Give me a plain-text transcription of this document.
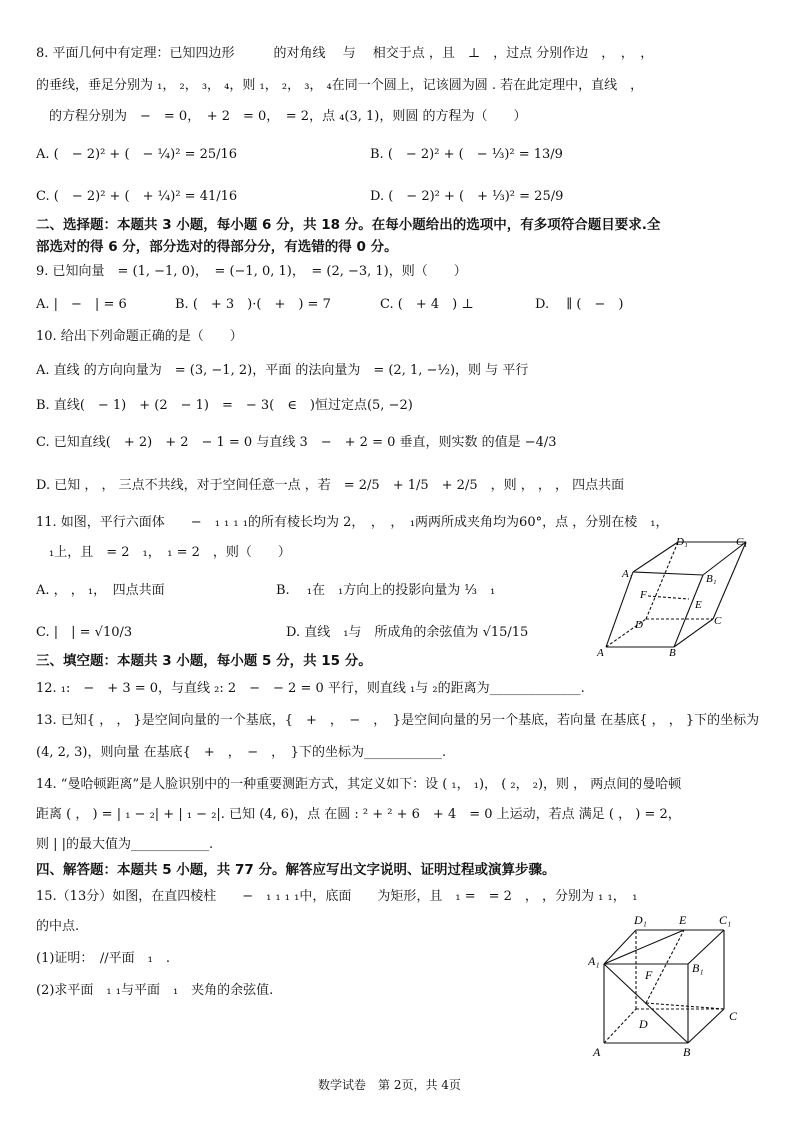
8. 平面几何中有定理：已知四边形　　　的对角线　 与　 相交于点 ，且　⊥　，过点 分别作边　，　，　，
的垂线，垂足分别为 ₁， ₂， ₃， ₄，则 ₁， ₂， ₃， ₄在同一个圆上，记该圆为圆 . 若在此定理中，直线　，
　的方程分别为　−　= 0，　+ 2　= 0，　= 2，点 ₄(3, 1)，则圆 的方程为（　　）
A. (　− 2)² + (　− ¼)² = 25/16	B. (　− 2)² + (　− ⅓)² = 13/9
C. (　− 2)² + (　+ ¼)² = 41/16	D. (　− 2)² + (　+ ⅓)² = 25/9
二、选择题：本题共 3 小题，每小题 6 分，共 18 分。在每小题给出的选项中，有多项符合题目要求.全
部选对的得 6 分，部分选对的得部分分，有选错的得 0 分。
9. 已知向量　= (1, −1, 0)，　= (−1, 0, 1)，　= (2, −3, 1)，则（　　）
A. |　−　| = 6	B. (　+ 3　)·(　+　) = 7	C. (　+ 4　) ⊥	D. 　∥ (　−　)
10. 给出下列命题正确的是（　　）
A. 直线 的方向向量为　= (3, −1, 2)，平面 的法向量为　= (2, 1, −½)，则 与 平行
B. 直线(　− 1)　+ (2　− 1)　=　− 3(　∈　)恒过定点(5, −2)
C. 已知直线(　+ 2)　+ 2　− 1 = 0 与直线 3　−　+ 2 = 0 垂直，则实数 的值是 −4/3
D. 已知 ， ， 三点不共线，对于空间任意一点 ，若　= 2/5　+ 1/5　+ 2/5　，则 ， ， ， 四点共面
11. 如图，平行六面体　　−　₁ ₁ ₁ ₁的所有棱长均为 2，　，　，　₁两两所成夹角均为60°，点 ，分别在棱　₁，
　₁上，且　= 2　₁，　₁ = 2　，则（　　）
A. ， ， ₁，　四点共面	B. 　₁在　₁方向上的投影向量为 ⅓　₁
C. |　| = √10/3	D. 直线　₁与　所成角的余弦值为 √15/15
A	B
C
D
A₁	B₁
C₁
D₁
E
F
三、填空题：本题共 3 小题，每小题 5 分，共 15 分。
12. ₁:　−　+ 3 = 0，与直线 ₂: 2　−　− 2 = 0 平行，则直线 ₁与 ₂的距离为______________.
13. 已知{ ， ， }是空间向量的一个基底，{　+　，　−　，　}是空间向量的另一个基底，若向量 在基底{ ， ， }下的坐标为
(4, 2, 3)，则向量 在基底{　+　，　−　，　}下的坐标为____________.
14. “曼哈顿距离”是人脸识别中的一种重要测距方式，其定义如下：设 ( ₁， ₁)， ( ₂， ₂)，则 ， 两点间的曼哈顿
距离 ( ， ) = | ₁ − ₂| + | ₁ − ₂|. 已知 (4, 6)，点 在圆 : ² + ² + 6　+ 4　= 0 上运动，若点 满足 ( ， ) = 2，
则 | |的最大值为____________.
四、解答题：本题共 5 小题，共 77 分。解答应写出文字说明、证明过程或演算步骤。
15.（13分）如图，在直四棱柱　　−　₁ ₁ ₁ ₁中，底面　　为矩形，且　₁ =　= 2　， ，分别为 ₁ ₁，　₁
的中点.
(1)证明：　//平面　₁　.
(2)求平面　₁ ₁与平面　₁　夹角的余弦值.
A	B
C
D
A₁	B₁
C₁
D₁	E
F
数学试卷　第 2页，共 4页
